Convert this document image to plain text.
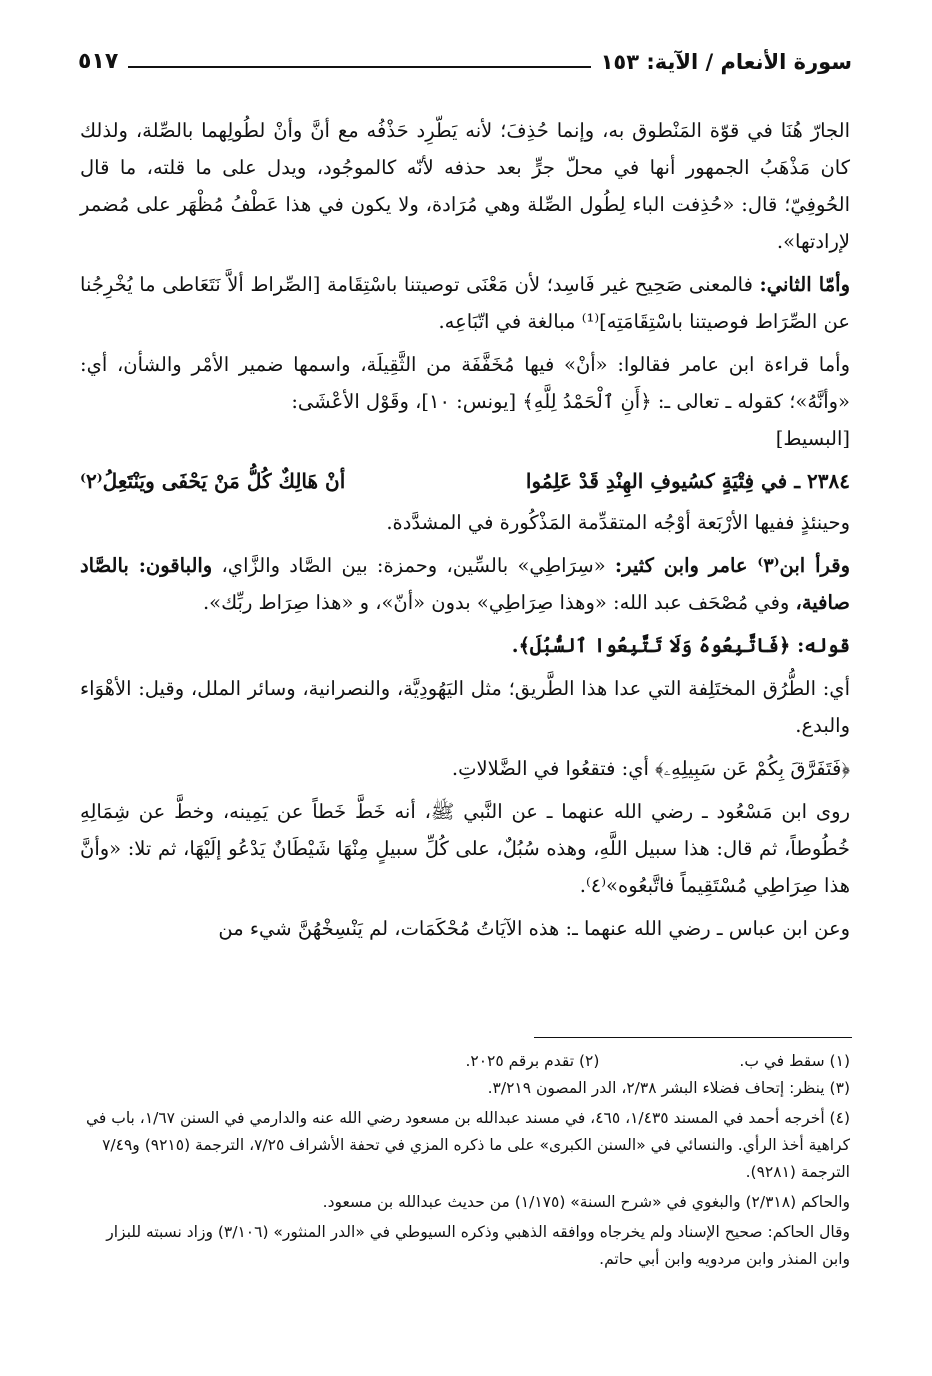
سورة الأنعام / الآية: ١٥٣
٥١٧

الجارّ هُنَا في قوّة المَنْطوق به، وإنما حُذِفَ؛ لأنه يَطّرِد حَذْفُه مع أنَّ وأنْ لطُولِهما بالصِّلة، ولذلك كان مَذْهَبُ الجمهور أنها في محلّ جرٍّ بعد حذفه لأنّه كالموجُود، ويدل على ما قلته، ما قال الحُوفِيّ؛ قال: «حُذِفت الباء لِطُول الصِّلة وهي مُرَادة، ولا يكون في هذا عَطْفُ مُظْهَر على مُضمر لإرادتها».

وأمّا الثاني: فالمعنى صَحِيح غير فَاسِد؛ لأن مَعْنَى توصيتنا باسْتِقَامة [الصِّراط ألاَّ نَتَعَاطى ما يُخْرِجُنا عن الصِّرَاط فوصيتنا باسْتِقَامَتِه]⁽¹⁾ مبالغة في اتّبَاعِه.

وأما قراءة ابن عامر فقالوا: «أنْ» فيها مُخَفَّفَة من الثَّقِيلَة، واسمها ضمير الأمْر والشأن، أي: «وأنَّهُ»؛ كقوله ـ تعالى ـ: ﴿أَنِ ٱلْحَمْدُ لِلَّهِ﴾ [يونس: ١٠]، وقَوْل الأعْشَى:
[البسيط]

٢٣٨٤ ـ في فِتْيَةٍ كسُيوفِ الهِنْدِ قَدْ عَلِمُوا
أنْ هَالِكٌ كُلُّ مَنْ يَحْفَى ويَنْتَعِلُ⁽٢⁾

وحينئذٍ ففيها الأرْبَعة أوْجُه المتقدِّمة المَذْكُورة في المشدَّدة.

وقرأ ابن⁽٣⁾ عامر وابن كثير: «سِرَاطِي» بالسِّين، وحمزة: بين الصَّاد والزَّاي، والباقون: بالصَّاد صافية، وفي مُصْحَف عبد الله: «وهذا صِرَاطِي» بدون «أنّ»، و «هذا صِرَاط ربِّك».

قوله: ﴿فَاتَّبِعُوهُ وَلَا تَتَّبِعُوا ٱلسُّبُلَ﴾.

أي: الطُّرُق المختَلِفة التي عدا هذا الطَّريق؛ مثل اليَهُودِيَّة، والنصرانية، وسائر الملل، وقيل: الأهْوَاء والبدع.

﴿فَتَفَرَّقَ بِكُمْ عَن سَبِيلِهِۦ﴾ أي: فتقعُوا في الضَّلالاتِ.

روى ابن مَسْعُود ـ رضي الله عنهما ـ عن النَّبي ﷺ، أنه خَطَّ خَطاً عن يَمِينه، وخطَّ عن شِمَالِهِ خُطُوطاً، ثم قال: هذا سبيل اللَّهِ، وهذه سُبُلٌ، على كُلِّ سبيلٍ مِنْهَا شَيْطَانٌ يَدْعُو إلَيْهَا، ثم تلا: «وأنَّ هذا صِرَاطِي مُسْتَقِيماً فاتَّبعُوه»⁽٤⁾.

وعن ابن عباس ـ رضي الله عنهما ـ: هذه الآيَاتُ مُحْكَمَات، لم يَنْسِخْهُنَّ شيء من

(١) سقط في ب.
(٢) تقدم برقم ٢٠٢٥.

(٣) ينظر: إتحاف فضلاء البشر ٢/٣٨، الدر المصون ٣/٢١٩.

(٤) أخرجه أحمد في المسند ١/٤٣٥، ٤٦٥، في مسند عبدالله بن مسعود رضي الله عنه والدارمي في السنن ١/٦٧، باب في كراهية أخذ الرأي. والنسائي في «السنن الكبرى» على ما ذكره المزي في تحفة الأشراف ٧/٢٥، الترجمة (٩٢١٥) و٧/٤٩ الترجمة (٩٢٨١).

والحاكم (٢/٣١٨) والبغوي في «شرح السنة» (١/١٧٥) من حديث عبدالله بن مسعود.

وقال الحاكم: صحيح الإسناد ولم يخرجاه ووافقه الذهبي وذكره السيوطي في «الدر المنثور» (٣/١٠٦) وزاد نسبته للبزار وابن المنذر وابن مردويه وابن أبي حاتم.
